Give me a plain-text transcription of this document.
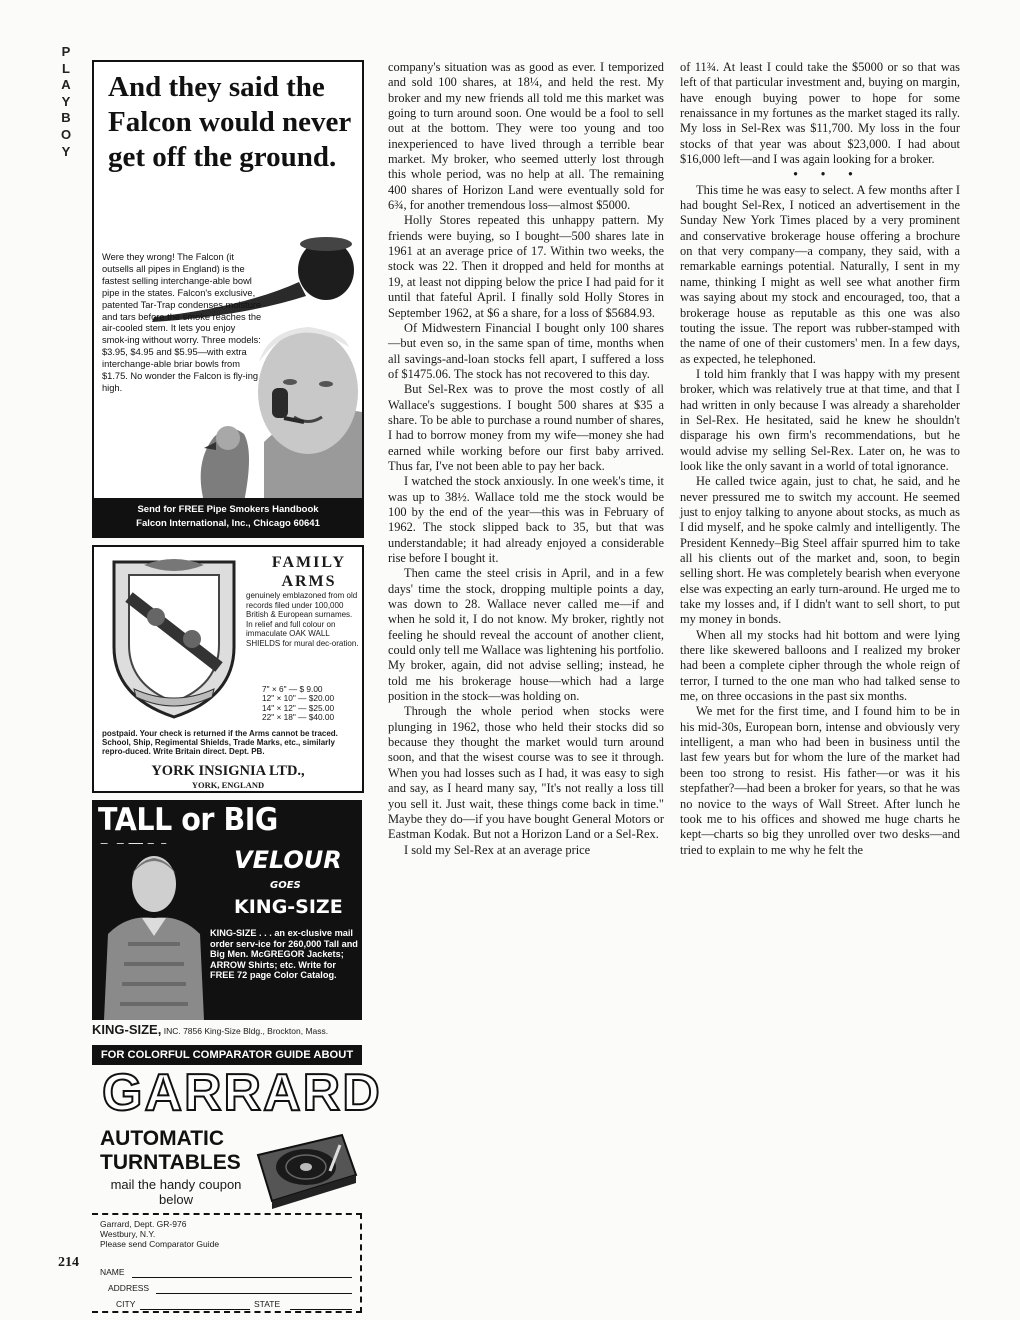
P
L
A
Y
B
O
Y
214
And they said the Falcon would never get off the ground.
Were they wrong! The Falcon (it outsells all pipes in England) is the fastest selling interchange-able bowl pipe in the states. Falcon's exclusive, patented Tar-Trap condenses moisture and tars before the smoke reaches the air-cooled stem. It lets you enjoy smok-ing without worry. Three models: $3.95, $4.95 and $5.95—with extra interchange-able briar bowls from $1.75. No wonder the Falcon is fly-ing high.
Send for FREE Pipe Smokers Handbook
Falcon International, Inc., Chicago 60641
FAMILY
ARMS
genuinely emblazoned from old records filed under 100,000 British & European surnames. In relief and full colour on immaculate OAK WALL SHIELDS for mural dec-oration.
7" × 6" — $ 9.00
12" × 10" — $20.00
14" × 12" — $25.00
22" × 18" — $40.00
postpaid. Your check is returned if the Arms cannot be traced. School, Ship, Regimental Shields, Trade Marks, etc., similarly repro-duced. Write Britain direct. Dept. PB.
YORK INSIGNIA LTD.,
YORK, ENGLAND
TALL or BIG
VELOUR
GOES
KING-SIZE
KING-SIZE . . . an ex-clusive mail order serv-ice for 260,000 Tall and Big Men. McGREGOR Jackets; ARROW Shirts; etc. Write for FREE 72 page Color Catalog.
KING-SIZE, INC. 7856 King-Size Bldg., Brockton, Mass.
FOR COLORFUL COMPARATOR GUIDE ABOUT
GARRARD
AUTOMATIC
TURNTABLES
mail the handy coupon below
Garrard, Dept. GR-976
Westbury, N.Y.
Please send Comparator Guide
NAME
ADDRESS
CITY	STATE

company's situation was as good as ever. I temporized and sold 100 shares, at 18¼, and held the rest. My broker and my new friends all told me this market was going to turn around soon. One would be a fool to sell out at the bottom. They were too young and too inexperienced to have lived through a terrible bear market. My broker, who seemed utterly lost through this whole period, was no help at all. The remaining 400 shares of Horizon Land were eventually sold for 6¾, for another tremendous loss—almost $5000.

Holly Stores repeated this unhappy pattern. My friends were buying, so I bought—500 shares late in 1961 at an average price of 17. Within two weeks, the stock was 22. Then it dropped and held for months at 19, at least not dipping below the price I had paid for it until that fateful April. I finally sold Holly Stores in September 1962, at $6 a share, for a loss of $5684.93.

Of Midwestern Financial I bought only 100 shares—but even so, in the same span of time, months when all savings-and-loan stocks fell apart, I suffered a loss of $1475.06. The stock has not recovered to this day.

But Sel-Rex was to prove the most costly of all Wallace's suggestions. I bought 500 shares at $35 a share. To be able to purchase a round number of shares, I had to borrow money from my wife—money she had earned while working before our first baby arrived. Thus far, I've not been able to pay her back.

I watched the stock anxiously. In one week's time, it was up to 38½. Wallace told me the stock would be 100 by the end of the year—this was in February of 1962. The stock slipped back to 35, but that was understandable; it had already enjoyed a considerable rise before I bought it.

Then came the steel crisis in April, and in a few days' time the stock, dropping multiple points a day, was down to 28. Wallace never called me—if and when he sold it, I do not know. My broker, rightly not feeling he should reveal the account of another client, could only tell me Wallace was lightening his portfolio. My broker, again, did not advise selling; instead, he told me his brokerage house—which had a large position in the stock—was holding on.

Through the whole period when stocks were plunging in 1962, those who held their stocks did so because they thought the market would turn around soon, and that the wisest course was to see it through. When you had losses such as I had, it was easy to sigh and say, as I heard many say, "It's not really a loss till you sell it. Just wait, these things come back in time." Maybe they do—if you have bought General Motors or Eastman Kodak. But not a Horizon Land or a Sel-Rex.

I sold my Sel-Rex at an average price

of 11¾. At least I could take the $5000 or so that was left of that particular investment and, buying on margin, have enough buying power to hope for some renaissance in my fortunes as the market staged its rally. My loss in Sel-Rex was $11,700. My loss in the four stocks of that year was about $23,000. I had about $16,000 left—and I was again looking for a broker.

• • •

This time he was easy to select. A few months after I had bought Sel-Rex, I noticed an advertisement in the Sunday New York Times placed by a very prominent and conservative brokerage house offering a brochure on that very company—a company, they said, with a remarkable earnings potential. Naturally, I sent in my name, thinking I might as well see what another firm was saying about my stock and encouraged, too, that a brokerage house as reputable as this one was also touting the issue. The report was rubber-stamped with the name of one of their customers' men. In a few days, as expected, he telephoned.

I told him frankly that I was happy with my present broker, which was relatively true at that time, and that I had written in only because I was already a shareholder in Sel-Rex. He hesitated, said he knew he shouldn't disparage his own firm's recommendations, but he would advise my selling Sel-Rex. Later on, he was to look like the only savant in a world of total ignorance.

He called twice again, just to chat, he said, and he never pressured me to switch my account. He seemed just to enjoy talking to anyone about stocks, as much as I did myself, and he spoke calmly and intelligently. The President Kennedy–Big Steel affair spurred him to take all his clients out of the market and, soon, to begin selling short. He was completely bearish when everyone else was expecting an early turn-around. He urged me to take my losses and, if I didn't want to sell short, to put my money in bonds.

When all my stocks had hit bottom and were lying there like skewered balloons and I realized my broker had been a complete cipher through the whole reign of terror, I turned to the one man who had talked sense to me, on three occasions in the past six months.

We met for the first time, and I found him to be in his mid-30s, European born, intense and obviously very intelligent, a man who had been in business until the last few years but for whom the lure of the market had been too strong to resist. His father—or was it his stepfather?—had been a broker for years, so that he was no novice to the ways of Wall Street. After lunch he took me to his offices and showed me huge charts he kept—charts so big they unrolled over two desks—and tried to explain to me why he felt the
